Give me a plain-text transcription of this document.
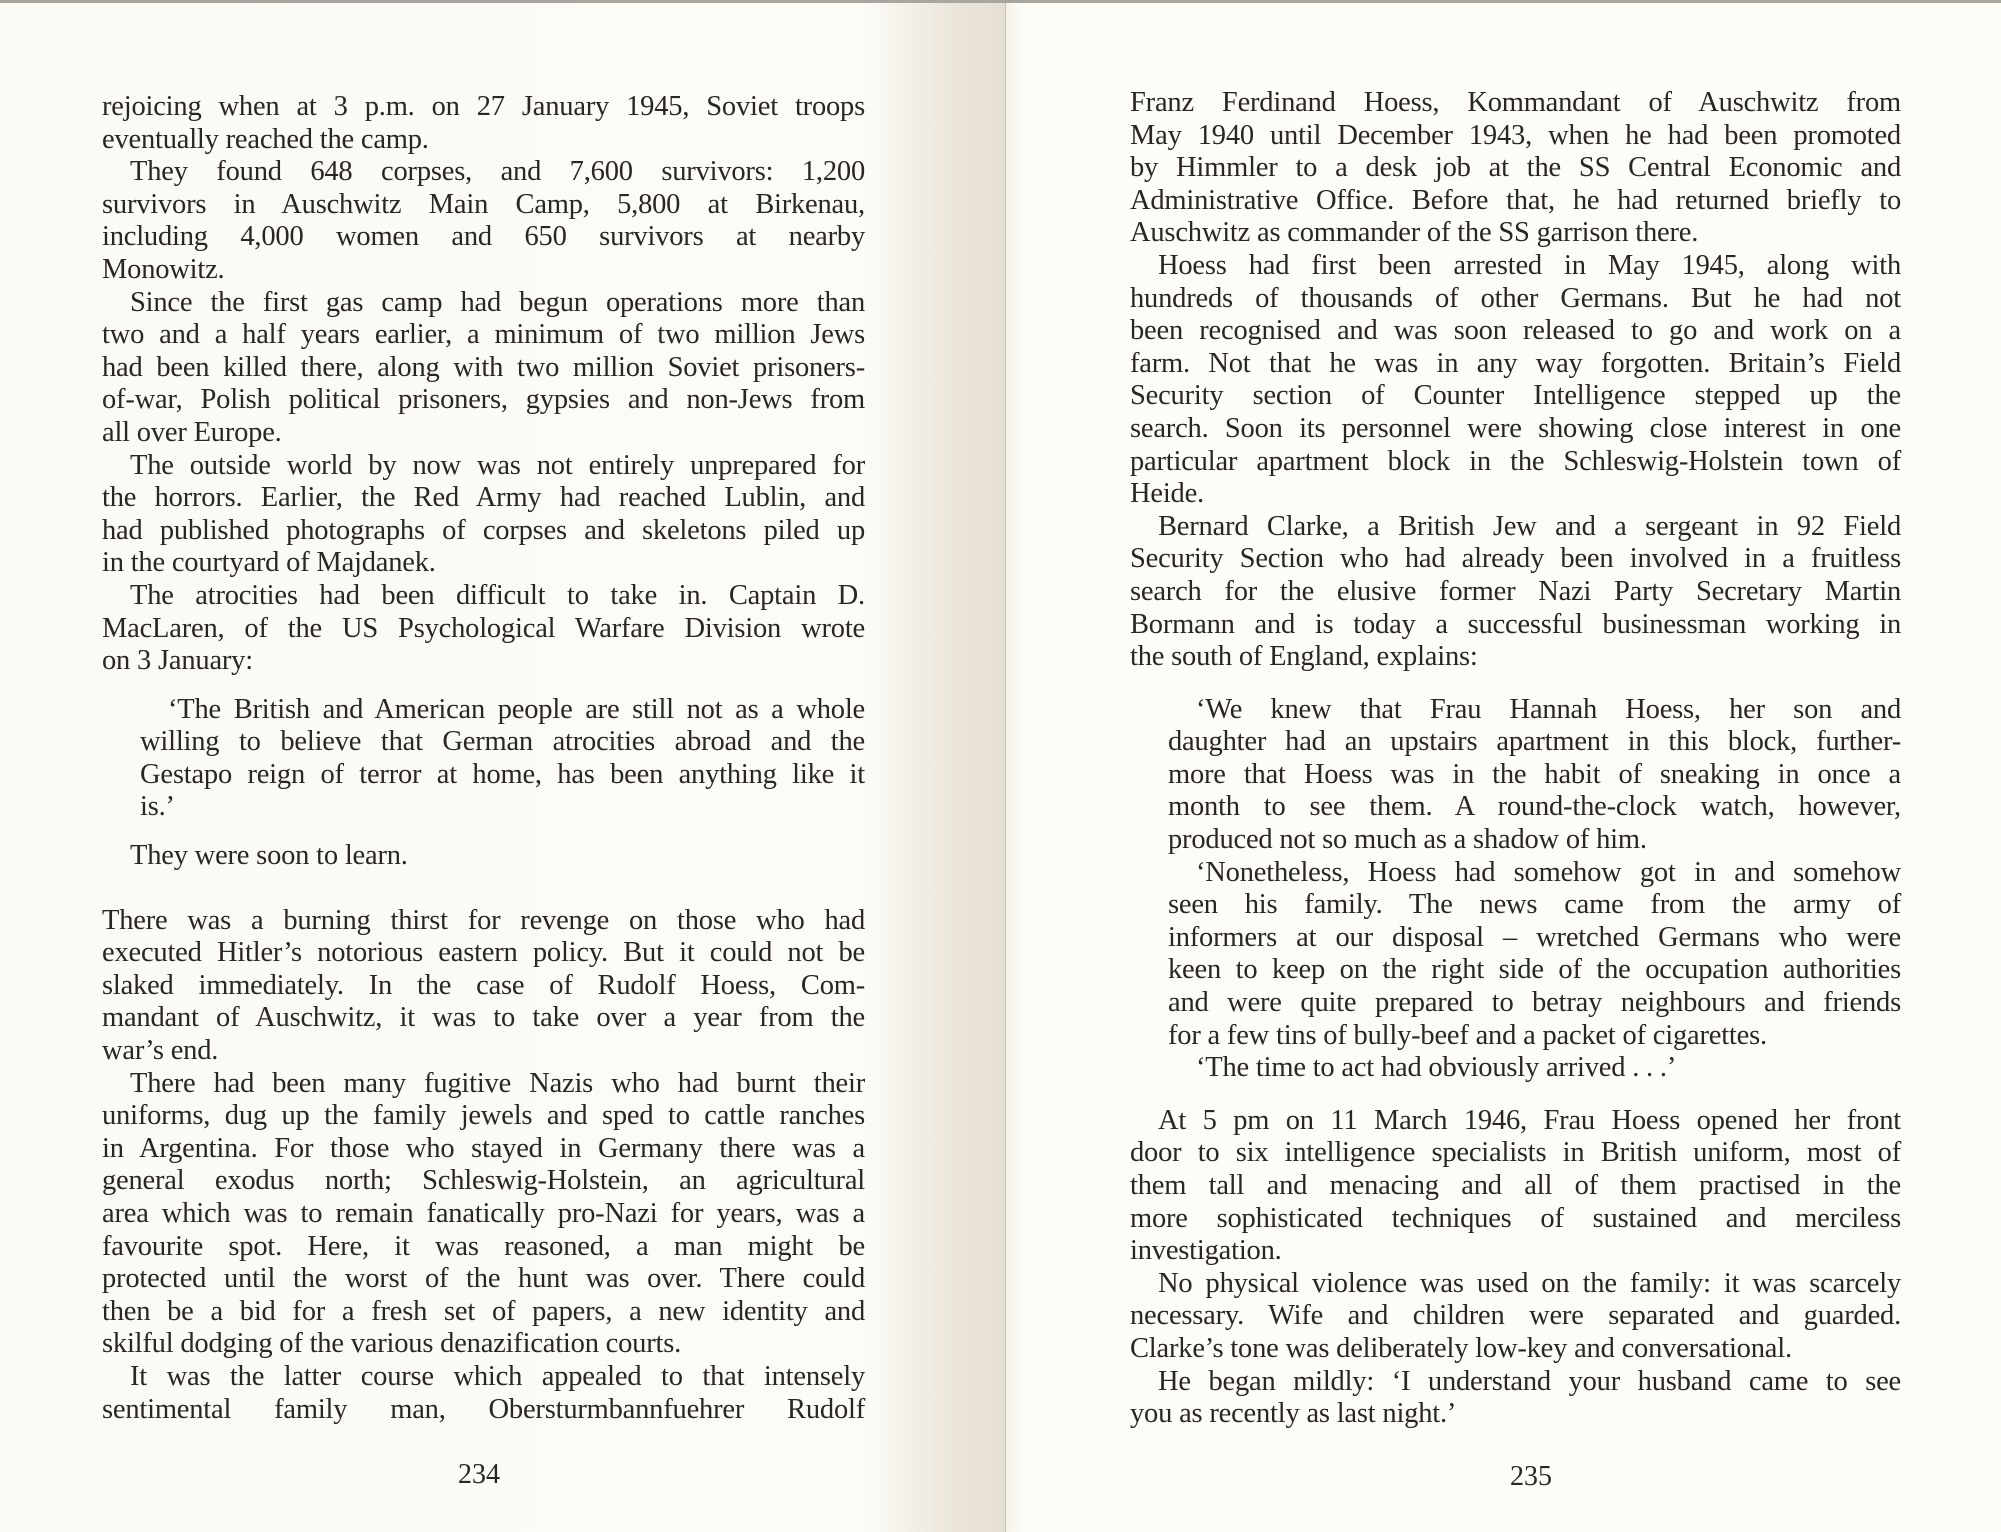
rejoicing when at 3 p.m. on 27 January 1945, Soviet troops
eventually reached the camp.
They found 648 corpses, and 7,600 survivors: 1,200
survivors in Auschwitz Main Camp, 5,800 at Birkenau,
including 4,000 women and 650 survivors at nearby
Monowitz.
Since the first gas camp had begun operations more than
two and a half years earlier, a minimum of two million Jews
had been killed there, along with two million Soviet prisoners-
of-war, Polish political prisoners, gypsies and non-Jews from
all over Europe.
The outside world by now was not entirely unprepared for
the horrors. Earlier, the Red Army had reached Lublin, and
had published photographs of corpses and skeletons piled up
in the courtyard of Majdanek.
The atrocities had been difficult to take in. Captain D.
MacLaren, of the US Psychological Warfare Division wrote
on 3 January:
‘The British and American people are still not as a whole
willing to believe that German atrocities abroad and the
Gestapo reign of terror at home, has been anything like it
is.’
They were soon to learn.
There was a burning thirst for revenge on those who had
executed Hitler’s notorious eastern policy. But it could not be
slaked immediately. In the case of Rudolf Hoess, Com-
mandant of Auschwitz, it was to take over a year from the
war’s end.
There had been many fugitive Nazis who had burnt their
uniforms, dug up the family jewels and sped to cattle ranches
in Argentina. For those who stayed in Germany there was a
general exodus north; Schleswig-Holstein, an agricultural
area which was to remain fanatically pro-Nazi for years, was a
favourite spot. Here, it was reasoned, a man might be
protected until the worst of the hunt was over. There could
then be a bid for a fresh set of papers, a new identity and
skilful dodging of the various denazification courts.
It was the latter course which appealed to that intensely
sentimental family man, Obersturmbannfuehrer Rudolf
234
Franz Ferdinand Hoess, Kommandant of Auschwitz from
May 1940 until December 1943, when he had been promoted
by Himmler to a desk job at the SS Central Economic and
Administrative Office. Before that, he had returned briefly to
Auschwitz as commander of the SS garrison there.
Hoess had first been arrested in May 1945, along with
hundreds of thousands of other Germans. But he had not
been recognised and was soon released to go and work on a
farm. Not that he was in any way forgotten. Britain’s Field
Security section of Counter Intelligence stepped up the
search. Soon its personnel were showing close interest in one
particular apartment block in the Schleswig-Holstein town of
Heide.
Bernard Clarke, a British Jew and a sergeant in 92 Field
Security Section who had already been involved in a fruitless
search for the elusive former Nazi Party Secretary Martin
Bormann and is today a successful businessman working in
the south of England, explains:
‘We knew that Frau Hannah Hoess, her son and
daughter had an upstairs apartment in this block, further-
more that Hoess was in the habit of sneaking in once a
month to see them. A round-the-clock watch, however,
produced not so much as a shadow of him.
‘Nonetheless, Hoess had somehow got in and somehow
seen his family. The news came from the army of
informers at our disposal – wretched Germans who were
keen to keep on the right side of the occupation authorities
and were quite prepared to betray neighbours and friends
for a few tins of bully-beef and a packet of cigarettes.
‘The time to act had obviously arrived . . .’
At 5 pm on 11 March 1946, Frau Hoess opened her front
door to six intelligence specialists in British uniform, most of
them tall and menacing and all of them practised in the
more sophisticated techniques of sustained and merciless
investigation.
No physical violence was used on the family: it was scarcely
necessary. Wife and children were separated and guarded.
Clarke’s tone was deliberately low-key and conversational.
He began mildly: ‘I understand your husband came to see
you as recently as last night.’
235
